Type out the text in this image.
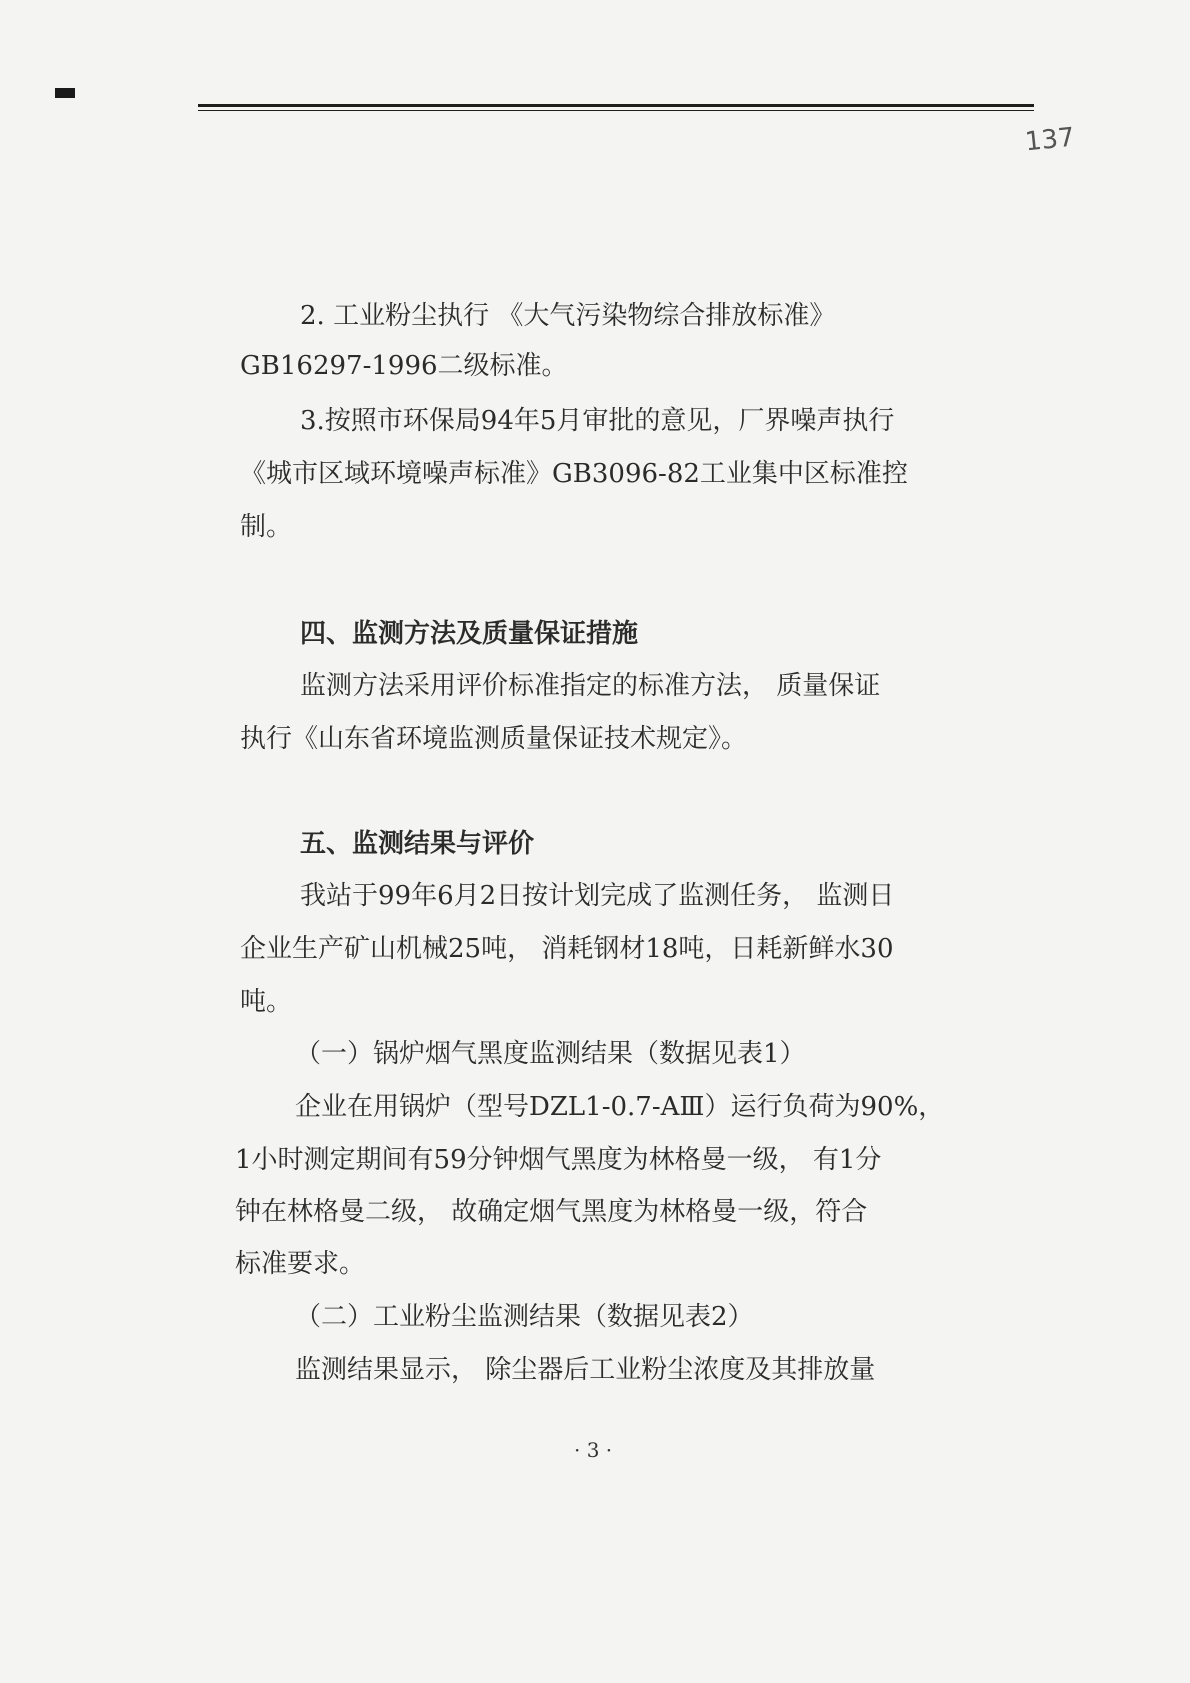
137
2. 工业粉尘执行 《大气污染物综合排放标准》
GB16297-1996二级标准。
3.按照市环保局94年5月审批的意见，厂界噪声执行
《城市区域环境噪声标准》GB3096-82工业集中区标准控
制。
四、监测方法及质量保证措施
监测方法采用评价标准指定的标准方法， 质量保证
执行《山东省环境监测质量保证技术规定》。
五、监测结果与评价
我站于99年6月2日按计划完成了监测任务， 监测日
企业生产矿山机械25吨， 消耗钢材18吨，日耗新鲜水30
吨。
（一）锅炉烟气黑度监测结果（数据见表1）
企业在用锅炉（型号DZL1-0.7-AⅢ）运行负荷为90%，
1小时测定期间有59分钟烟气黑度为林格曼一级， 有1分
钟在林格曼二级， 故确定烟气黑度为林格曼一级，符合
标准要求。
（二）工业粉尘监测结果（数据见表2）
监测结果显示， 除尘器后工业粉尘浓度及其排放量
· 3 ·
